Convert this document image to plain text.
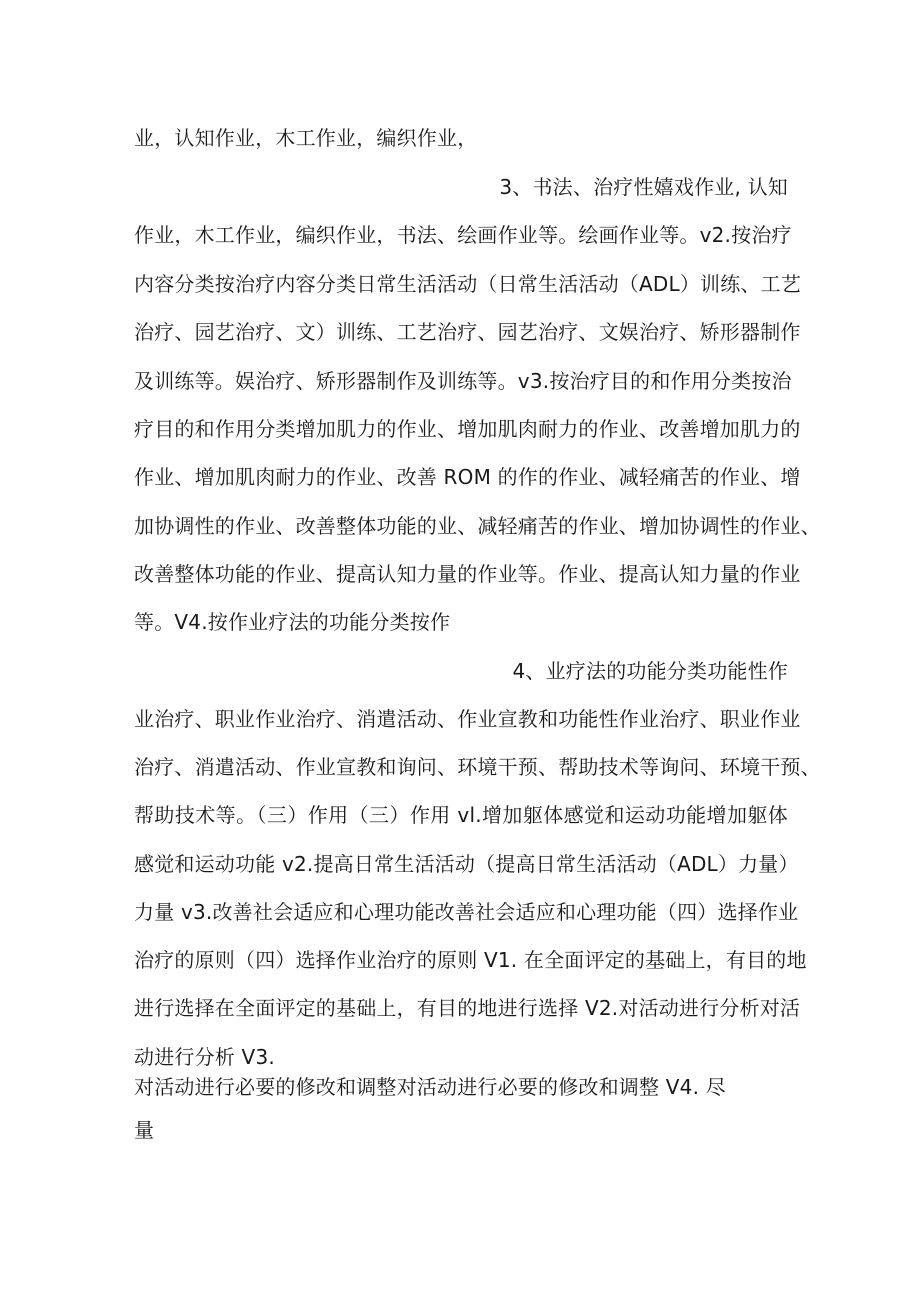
业，认知作业，木工作业，编织作业，
3、书法、治疗性嬉戏作业, 认知
作业，木工作业，编织作业，书法、绘画作业等。绘画作业等。v2.按治疗
内容分类按治疗内容分类日常生活活动（日常生活活动（ADL）训练、工艺
治疗、园艺治疗、文）训练、工艺治疗、园艺治疗、文娱治疗、矫形器制作
及训练等。娱治疗、矫形器制作及训练等。v3.按治疗目的和作用分类按治
疗目的和作用分类增加肌力的作业、增加肌肉耐力的作业、改善增加肌力的
作业、增加肌肉耐力的作业、改善 ROM 的作的作业、减轻痛苦的作业、增
加协调性的作业、改善整体功能的业、减轻痛苦的作业、增加协调性的作业、
改善整体功能的作业、提高认知力量的作业等。作业、提高认知力量的作业
等。V4.按作业疗法的功能分类按作
4、业疗法的功能分类功能性作
业治疗、职业作业治疗、消遣活动、作业宣教和功能性作业治疗、职业作业
治疗、消遣活动、作业宣教和询问、环境干预、帮助技术等询问、环境干预、
帮助技术等。（三）作用（三）作用 vl.增加躯体感觉和运动功能增加躯体
感觉和运动功能 v2.提高日常生活活动（提高日常生活活动（ADL）力量）
力量 v3.改善社会适应和心理功能改善社会适应和心理功能（四）选择作业
治疗的原则（四）选择作业治疗的原则 V1. 在全面评定的基础上，有目的地
进行选择在全面评定的基础上，有目的地进行选择 V2.对活动进行分析对活
动进行分析 V3.
对活动进行必要的修改和调整对活动进行必要的修改和调整 V4. 尽
量
